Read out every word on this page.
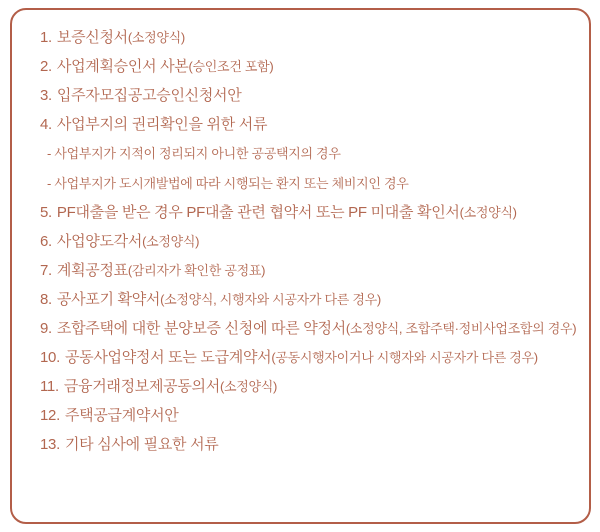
1. 보증신청서(소정양식)
2. 사업계획승인서 사본(승인조건 포함)
3. 입주자모집공고승인신청서안
4. 사업부지의 권리확인을 위한 서류
- 사업부지가 지적이 정리되지 아니한 공공택지의 경우
- 사업부지가 도시개발법에 따라 시행되는 환지 또는 체비지인 경우
5. PF대출을 받은 경우 PF대출 관련 협약서 또는 PF 미대출 확인서(소정양식)
6. 사업양도각서(소정양식)
7. 계획공정표(감리자가 확인한 공정표)
8. 공사포기 확약서(소정양식, 시행자와 시공자가 다른 경우)
9. 조합주택에 대한 분양보증 신청에 따른 약정서(소정양식, 조합주택·정비사업조합의 경우)
10. 공동사업약정서 또는 도급계약서(공동시행자이거나 시행자와 시공자가 다른 경우)
11. 금융거래정보제공동의서(소정양식)
12. 주택공급계약서안
13. 기타 심사에 필요한 서류
